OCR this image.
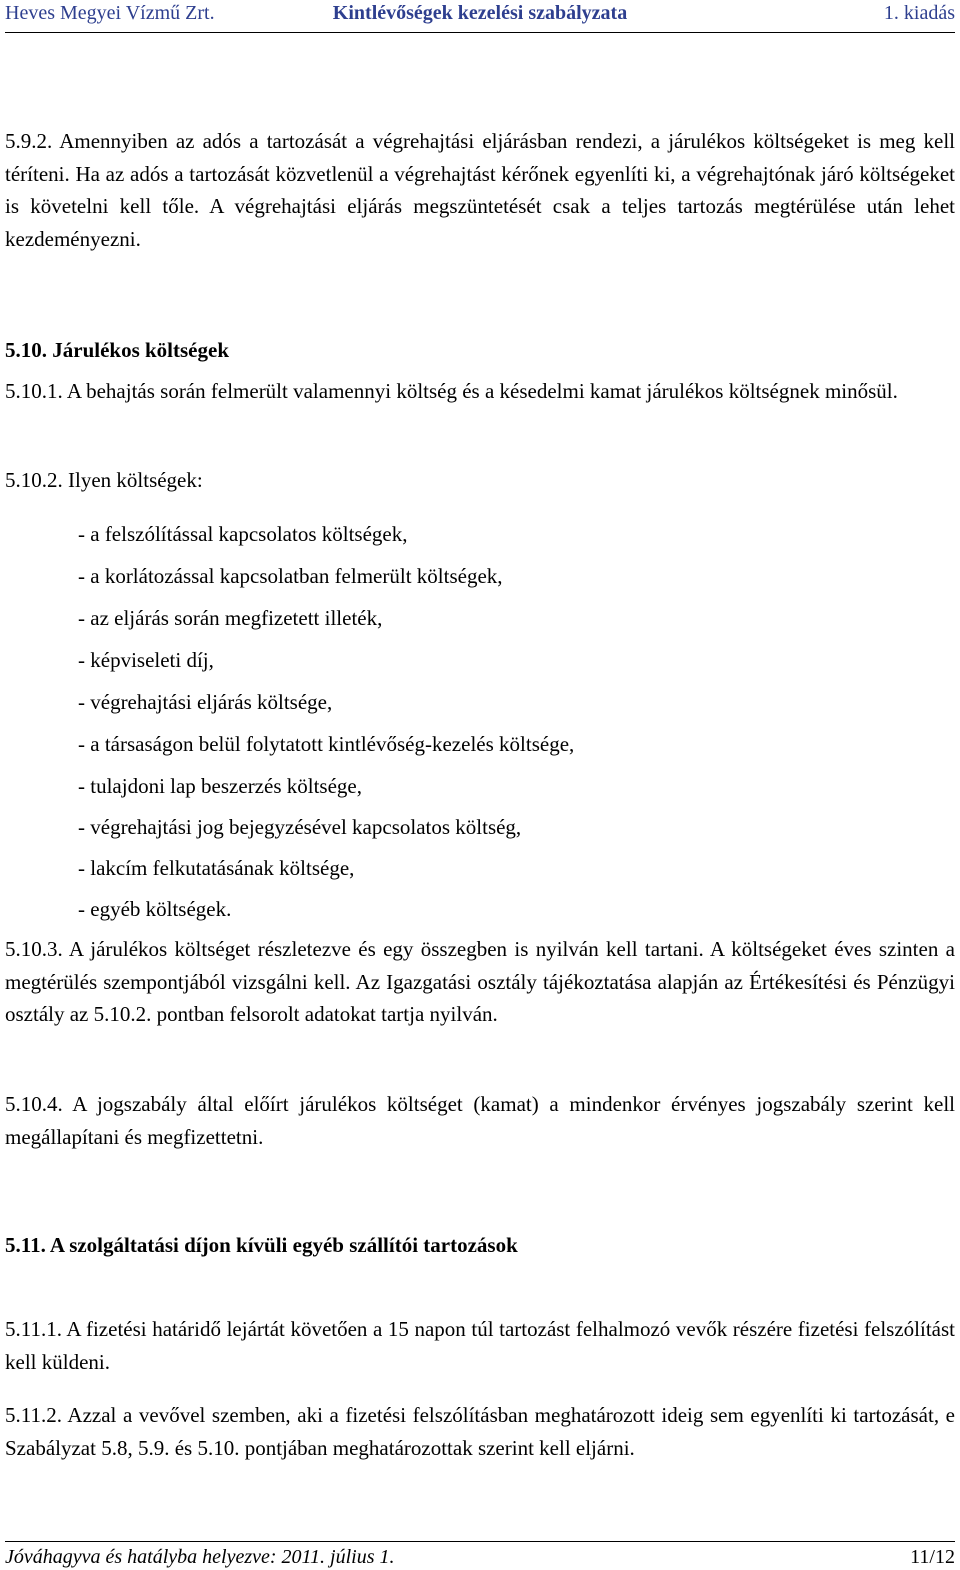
Heves Megyei Vízmű Zrt.	Kintlévőségek kezelési szabályzata	1. kiadás

5.9.2. Amennyiben az adós a tartozását a végrehajtási eljárásban rendezi, a járulékos költségeket is meg kell téríteni. Ha az adós a tartozását közvetlenül a végrehajtást kérőnek egyenlíti ki, a végrehajtónak járó költségeket is követelni kell tőle. A végrehajtási eljárás megszüntetését csak a teljes tartozás megtérülése után lehet kezdeményezni.

5.10. Járulékos költségek

5.10.1. A behajtás során felmerült valamennyi költség és a késedelmi kamat járulékos költségnek minősül.

5.10.2. Ilyen költségek:

- a felszólítással kapcsolatos költségek,
- a korlátozással kapcsolatban felmerült költségek,
- az eljárás során megfizetett illeték,
- képviseleti díj,
- végrehajtási eljárás költsége,
- a társaságon belül folytatott kintlévőség-kezelés költsége,
- tulajdoni lap beszerzés költsége,
- végrehajtási jog bejegyzésével kapcsolatos költség,
- lakcím felkutatásának költsége,
- egyéb költségek.

5.10.3. A járulékos költséget részletezve és egy összegben is nyilván kell tartani. A költségeket éves szinten a megtérülés szempontjából vizsgálni kell. Az Igazgatási osztály tájékoztatása alapján az Értékesítési és Pénzügyi osztály az 5.10.2. pontban felsorolt adatokat tartja nyilván.

5.10.4. A jogszabály által előírt járulékos költséget (kamat) a mindenkor érvényes jogszabály szerint kell megállapítani és megfizettetni.

5.11. A szolgáltatási díjon kívüli egyéb szállítói tartozások

5.11.1. A fizetési határidő lejártát követően a 15 napon túl tartozást felhalmozó vevők részére fizetési felszólítást kell küldeni.

5.11.2. Azzal a vevővel szemben, aki a fizetési felszólításban meghatározott ideig sem egyenlíti ki tartozását, e Szabályzat 5.8, 5.9. és 5.10. pontjában meghatározottak szerint kell eljárni.

Jóváhagyva és hatályba helyezve: 2011. július 1.	11/12
